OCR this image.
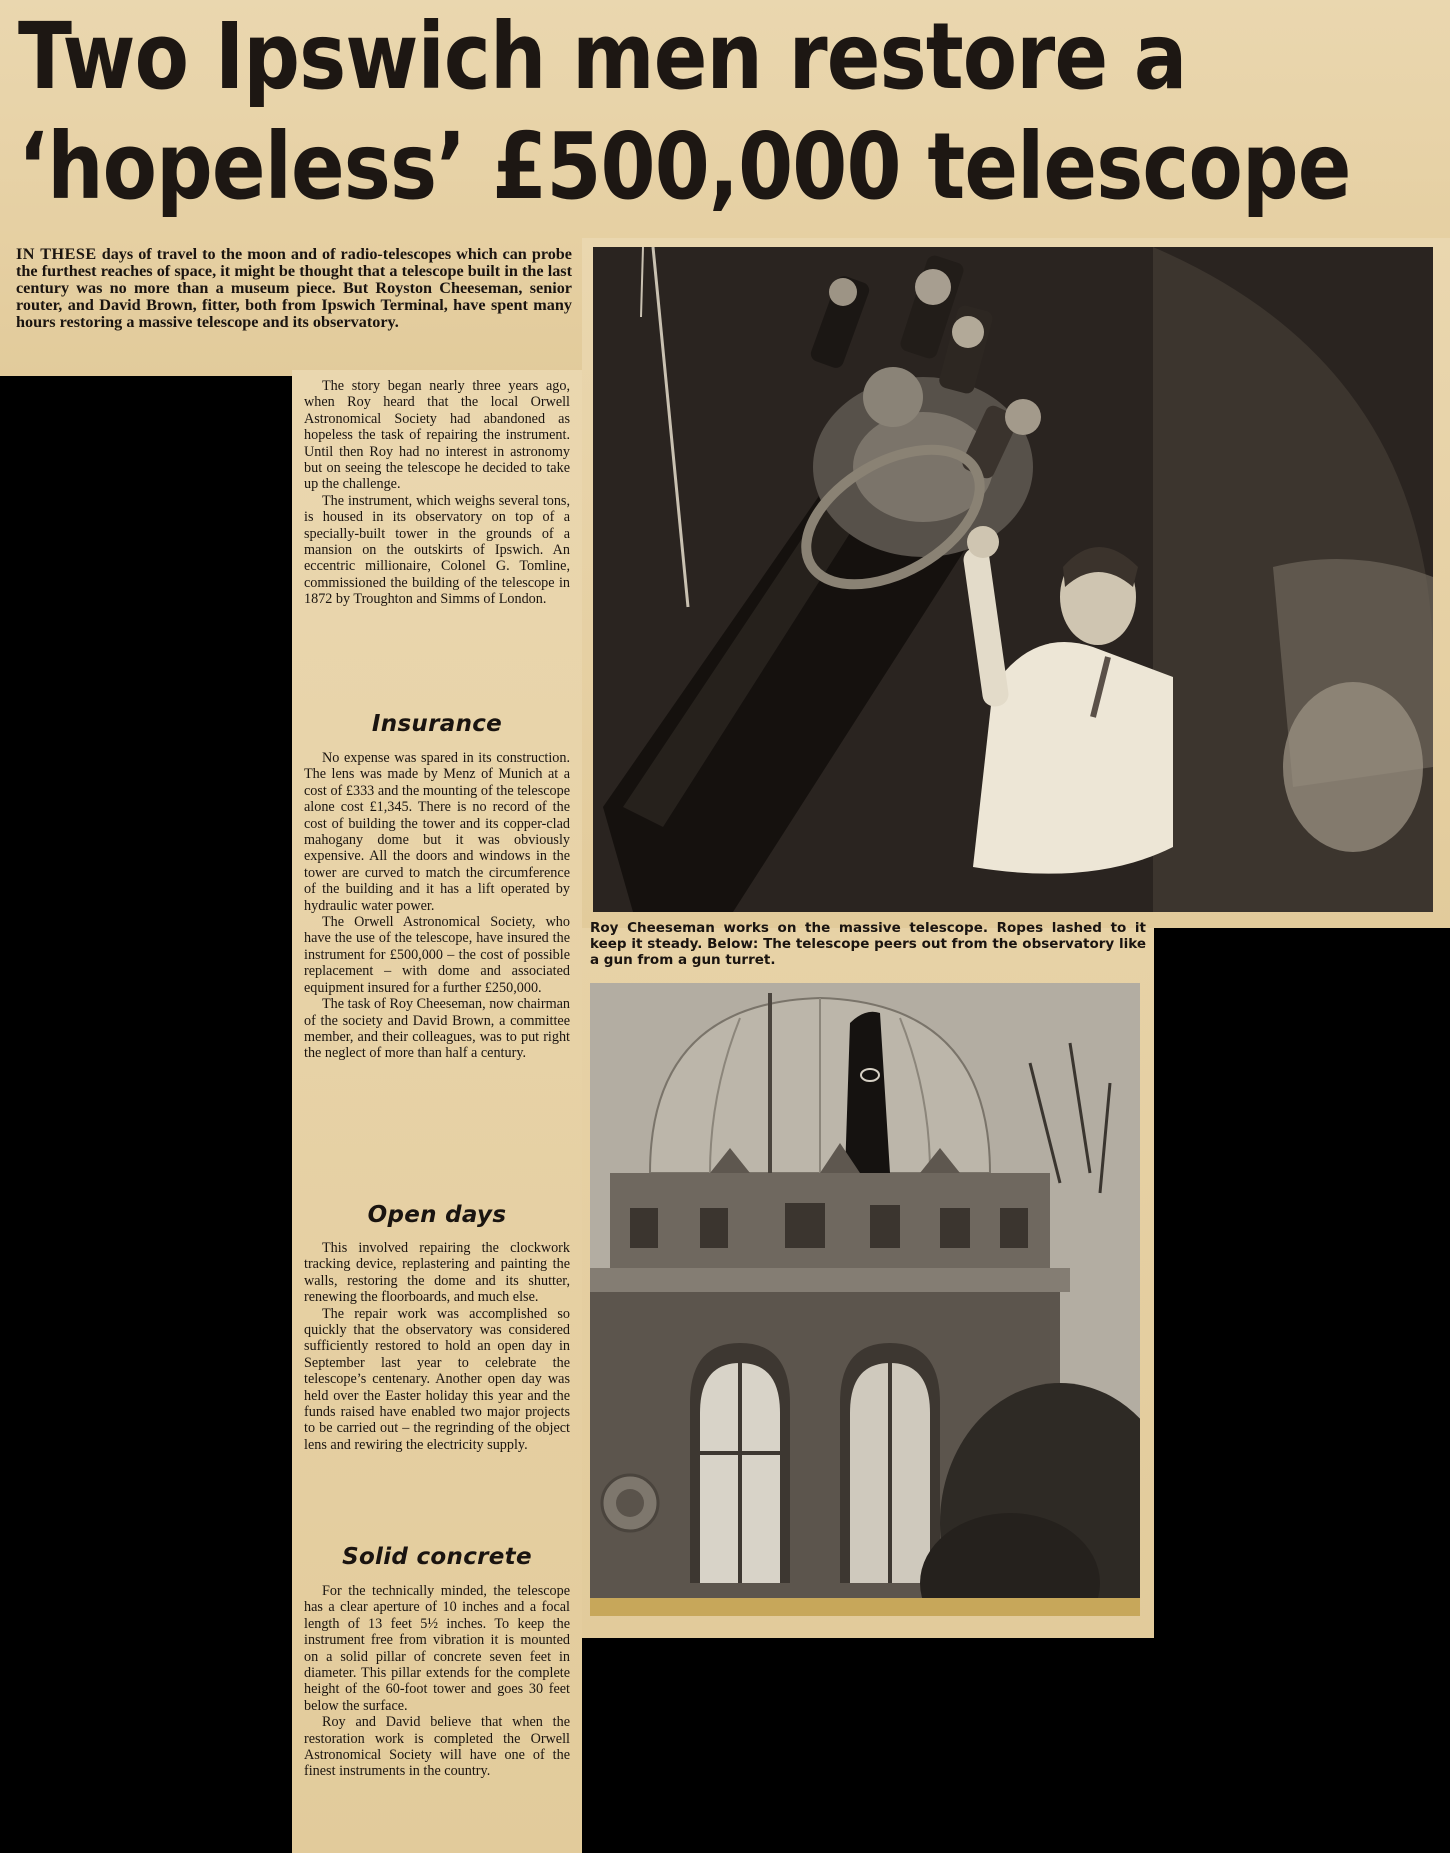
Two Ipswich men restore a
‘hopeless’ £500,000 telescope

IN THESE days of travel to the moon and of radio-telescopes which can probe the furthest reaches of space, it might be thought that a telescope built in the last century was no more than a museum piece. But Royston Cheeseman, senior router, and David Brown, fitter, both from Ipswich Terminal, have spent many hours restoring a massive telescope and its observatory.

The story began nearly three years ago, when Roy heard that the local Orwell Astronomical Society had abandoned as hopeless the task of repairing the instrument. Until then Roy had no interest in astronomy but on seeing the telescope he decided to take up the challenge.

The instrument, which weighs several tons, is housed in its observatory on top of a specially-built tower in the grounds of a mansion on the outskirts of Ipswich. An eccentric millionaire, Colonel G. Tomline, commissioned the building of the telescope in 1872 by Troughton and Simms of London.

Insurance

No expense was spared in its construction. The lens was made by Menz of Munich at a cost of £333 and the mounting of the telescope alone cost £1,345. There is no record of the cost of building the tower and its copper-clad mahogany dome but it was obviously expensive. All the doors and windows in the tower are curved to match the circumference of the building and it has a lift operated by hydraulic water power.

The Orwell Astronomical Society, who have the use of the telescope, have insured the instrument for £500,000 – the cost of possible replacement – with dome and associated equipment insured for a further £250,000.

The task of Roy Cheeseman, now chairman of the society and David Brown, a committee member, and their colleagues, was to put right the neglect of more than half a century.

Open days

This involved repairing the clockwork tracking device, replastering and painting the walls, restoring the dome and its shutter, renewing the floorboards, and much else.

The repair work was accomplished so quickly that the observatory was considered sufficiently restored to hold an open day in September last year to celebrate the telescope’s centenary. Another open day was held over the Easter holiday this year and the funds raised have enabled two major projects to be carried out – the regrinding of the object lens and rewiring the electricity supply.

Solid concrete

For the technically minded, the telescope has a clear aperture of 10 inches and a focal length of 13 feet 5½ inches. To keep the instrument free from vibration it is mounted on a solid pillar of concrete seven feet in diameter. This pillar extends for the complete height of the 60-foot tower and goes 30 feet below the surface.

Roy and David believe that when the restoration work is completed the Orwell Astronomical Society will have one of the finest instruments in the country.

Roy Cheeseman works on the massive telescope. Ropes lashed to it keep it steady. Below: The telescope peers out from the observatory like a gun from a gun turret.
